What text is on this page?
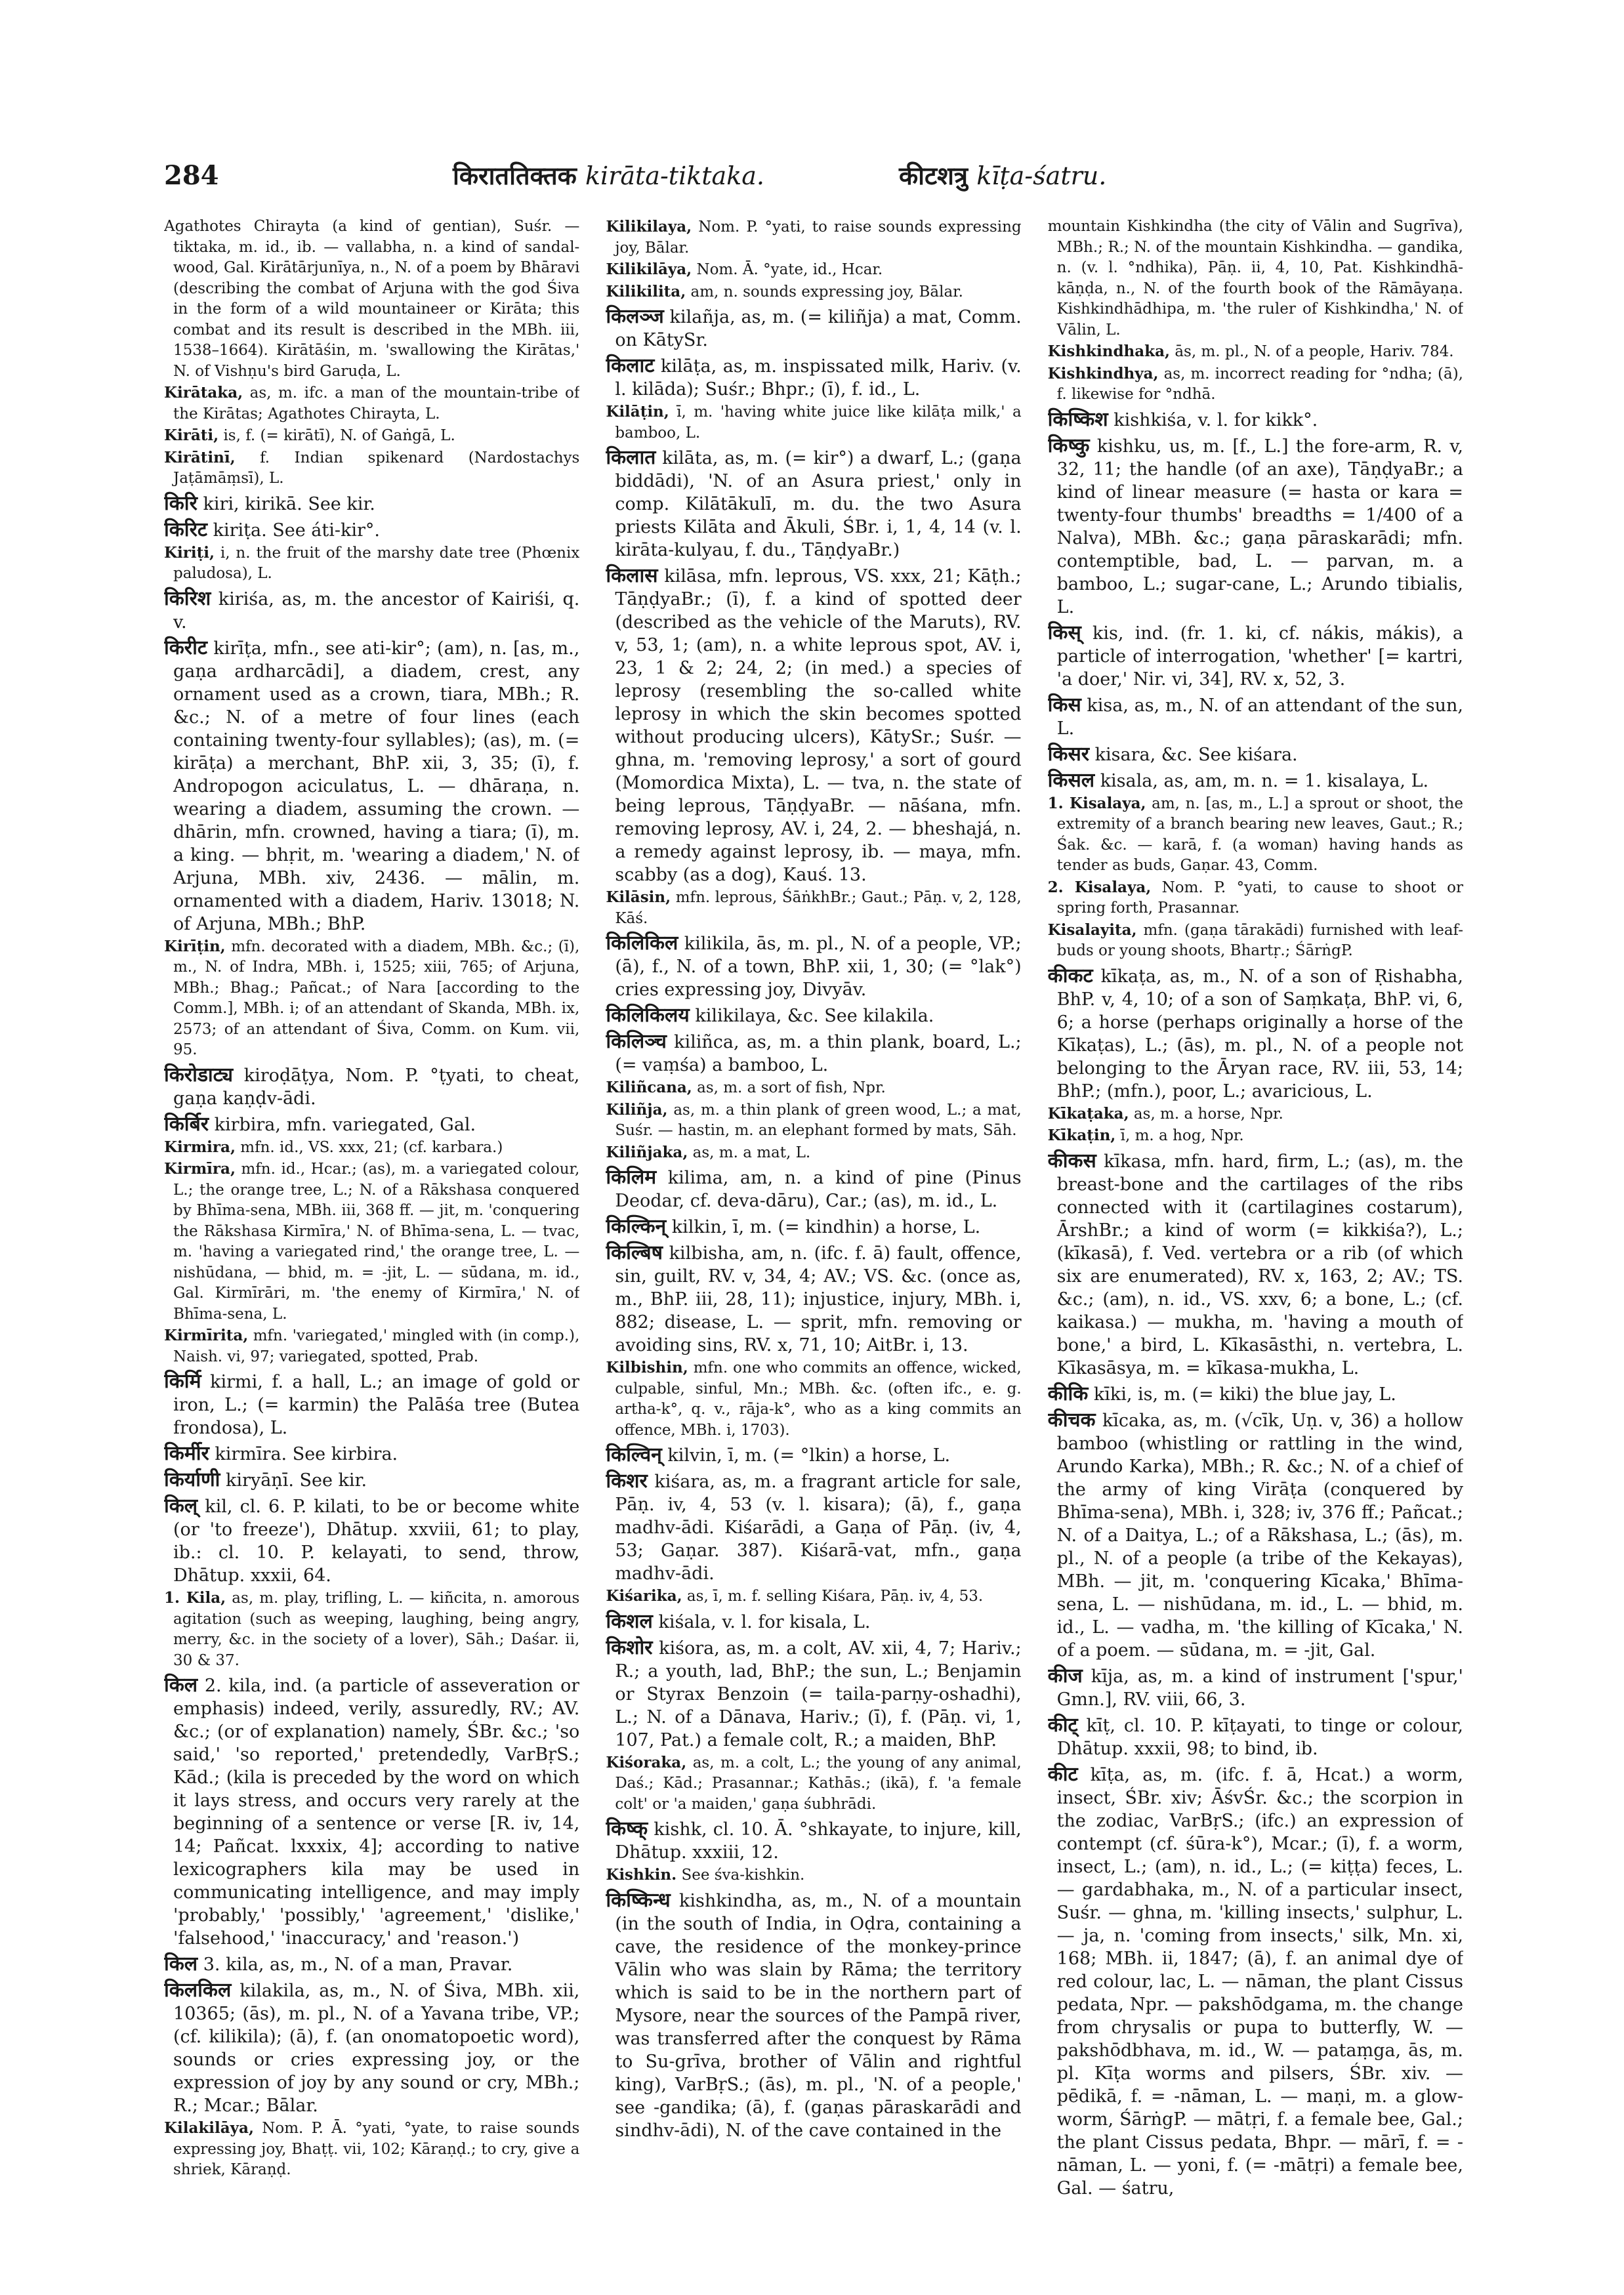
284	किराततिक्तक kirāta-tiktaka.	कीटशत्रु kīṭa-śatru.

Agathotes Chirayta (a kind of gentian), Suśr. — tiktaka, m. id., ib. — vallabha, n. a kind of sandal-wood, Gal. Kirātārjunīya, n., N. of a poem by Bhāravi (describing the combat of Arjuna with the god Śiva in the form of a wild mountaineer or Kirāta; this combat and its result is described in the MBh. iii, 1538–1664). Kirātāśin, m. 'swallowing the Kirātas,' N. of Vishṇu's bird Garuḍa, L.

Kirātaka, as, m. ifc. a man of the mountain-tribe of the Kirātas; Agathotes Chirayta, L.

Kirāti, is, f. (= kirātī), N. of Gaṅgā, L.

Kirātinī, f. Indian spikenard (Nardostachys Jaṭāmāṃsī), L.

किरि kiri, kirikā. See kir.

किरिट kiriṭa. See áti-kir°.

Kiriṭi, i, n. the fruit of the marshy date tree (Phœnix paludosa), L.

किरिश kiriśa, as, m. the ancestor of Kairiśi, q. v.

किरीट kirīṭa, mfn., see ati-kir°; (am), n. [as, m., gaṇa ardharcādi], a diadem, crest, any ornament used as a crown, tiara, MBh.; R. &c.; N. of a metre of four lines (each containing twenty-four syllables); (as), m. (= kirāṭa) a merchant, BhP. xii, 3, 35; (ī), f. Andropogon aciculatus, L. — dhāraṇa, n. wearing a diadem, assuming the crown. — dhārin, mfn. crowned, having a tiara; (ī), m. a king. — bhṛit, m. 'wearing a diadem,' N. of Arjuna, MBh. xiv, 2436. — mālin, m. ornamented with a diadem, Hariv. 13018; N. of Arjuna, MBh.; BhP.

Kirīṭin, mfn. decorated with a diadem, MBh. &c.; (ī), m., N. of Indra, MBh. i, 1525; xiii, 765; of Arjuna, MBh.; Bhag.; Pañcat.; of Nara [according to the Comm.], MBh. i; of an attendant of Skanda, MBh. ix, 2573; of an attendant of Śiva, Comm. on Kum. vii, 95.

किरोडाट्य kiroḍāṭya, Nom. P. °ṭyati, to cheat, gaṇa kaṇḍv-ādi.

किर्बिर kirbira, mfn. variegated, Gal.

Kirmira, mfn. id., VS. xxx, 21; (cf. karbara.)

Kirmīra, mfn. id., Hcar.; (as), m. a variegated colour, L.; the orange tree, L.; N. of a Rākshasa conquered by Bhīma-sena, MBh. iii, 368 ff. — jit, m. 'conquering the Rākshasa Kirmīra,' N. of Bhīma-sena, L. — tvac, m. 'having a variegated rind,' the orange tree, L. — nishūdana, — bhid, m. = -jit, L. — sūdana, m. id., Gal. Kirmīrāri, m. 'the enemy of Kirmīra,' N. of Bhīma-sena, L.

Kirmīrita, mfn. 'variegated,' mingled with (in comp.), Naish. vi, 97; variegated, spotted, Prab.

किर्मि kirmi, f. a hall, L.; an image of gold or iron, L.; (= karmin) the Palāśa tree (Butea frondosa), L.

किर्मीर kirmīra. See kirbira.

किर्याणी kiryāṇī. See kir.

किल् kil, cl. 6. P. kilati, to be or become white (or 'to freeze'), Dhātup. xxviii, 61; to play, ib.: cl. 10. P. kelayati, to send, throw, Dhātup. xxxii, 64.

1. Kila, as, m. play, trifling, L. — kiñcita, n. amorous agitation (such as weeping, laughing, being angry, merry, &c. in the society of a lover), Sāh.; Daśar. ii, 30 & 37.

किल 2. kila, ind. (a particle of asseveration or emphasis) indeed, verily, assuredly, RV.; AV. &c.; (or of explanation) namely, ŚBr. &c.; 'so said,' 'so reported,' pretendedly, VarBṛS.; Kād.; (kila is preceded by the word on which it lays stress, and occurs very rarely at the beginning of a sentence or verse [R. iv, 14, 14; Pañcat. lxxxix, 4]; according to native lexicographers kila may be used in communicating intelligence, and may imply 'probably,' 'possibly,' 'agreement,' 'dislike,' 'falsehood,' 'inaccuracy,' and 'reason.')

किल 3. kila, as, m., N. of a man, Pravar.

किलकिल kilakila, as, m., N. of Śiva, MBh. xii, 10365; (ās), m. pl., N. of a Yavana tribe, VP.; (cf. kilikila); (ā), f. (an onomatopoetic word), sounds or cries expressing joy, or the expression of joy by any sound or cry, MBh.; R.; Mcar.; Bālar.

Kilakilāya, Nom. P. Ā. °yati, °yate, to raise sounds expressing joy, Bhaṭṭ. vii, 102; Kāraṇḍ.; to cry, give a shriek, Kāraṇḍ.

Kilikilaya, Nom. P. °yati, to raise sounds expressing joy, Bālar.

Kilikilāya, Nom. Ā. °yate, id., Hcar.

Kilikilita, am, n. sounds expressing joy, Bālar.

किलञ्ज kilañja, as, m. (= kiliñja) a mat, Comm. on KātySr.

किलाट kilāṭa, as, m. inspissated milk, Hariv. (v. l. kilāda); Suśr.; Bhpr.; (ī), f. id., L.

Kilāṭin, ī, m. 'having white juice like kilāṭa milk,' a bamboo, L.

किलात kilāta, as, m. (= kir°) a dwarf, L.; (gaṇa biddādi), 'N. of an Asura priest,' only in comp. Kilātākulī, m. du. the two Asura priests Kilāta and Ākuli, ŚBr. i, 1, 4, 14 (v. l. kirāta-kulyau, f. du., TāṇḍyaBr.)

किलास kilāsa, mfn. leprous, VS. xxx, 21; Kāṭh.; TāṇḍyaBr.; (ī), f. a kind of spotted deer (described as the vehicle of the Maruts), RV. v, 53, 1; (am), n. a white leprous spot, AV. i, 23, 1 & 2; 24, 2; (in med.) a species of leprosy (resembling the so-called white leprosy in which the skin becomes spotted without producing ulcers), KātySr.; Suśr. — ghna, m. 'removing leprosy,' a sort of gourd (Momordica Mixta), L. — tva, n. the state of being leprous, TāṇḍyaBr. — nāśana, mfn. removing leprosy, AV. i, 24, 2. — bheshajá, n. a remedy against leprosy, ib. — maya, mfn. scabby (as a dog), Kauś. 13.

Kilāsin, mfn. leprous, ŚāṅkhBr.; Gaut.; Pāṇ. v, 2, 128, Kāś.

किलिकिल kilikila, ās, m. pl., N. of a people, VP.; (ā), f., N. of a town, BhP. xii, 1, 30; (= °lak°) cries expressing joy, Divyāv.

किलिकिलय kilikilaya, &c. See kilakila.

किलिञ्च kiliñca, as, m. a thin plank, board, L.; (= vaṃśa) a bamboo, L.

Kiliñcana, as, m. a sort of fish, Npr.

Kiliñja, as, m. a thin plank of green wood, L.; a mat, Suśr. — hastin, m. an elephant formed by mats, Sāh.

Kiliñjaka, as, m. a mat, L.

किलिम kilima, am, n. a kind of pine (Pinus Deodar, cf. deva-dāru), Car.; (as), m. id., L.

किल्किन् kilkin, ī, m. (= kindhin) a horse, L.

किल्बिष kilbisha, am, n. (ifc. f. ā) fault, offence, sin, guilt, RV. v, 34, 4; AV.; VS. &c. (once as, m., BhP. iii, 28, 11); injustice, injury, MBh. i, 882; disease, L. — sprit, mfn. removing or avoiding sins, RV. x, 71, 10; AitBr. i, 13.

Kilbishin, mfn. one who commits an offence, wicked, culpable, sinful, Mn.; MBh. &c. (often ifc., e. g. artha-k°, q. v., rāja-k°, who as a king commits an offence, MBh. i, 1703).

किल्विन् kilvin, ī, m. (= °lkin) a horse, L.

किशर kiśara, as, m. a fragrant article for sale, Pāṇ. iv, 4, 53 (v. l. kisara); (ā), f., gaṇa madhv-ādi. Kiśarādi, a Gaṇa of Pāṇ. (iv, 4, 53; Gaṇar. 387). Kiśarā-vat, mfn., gaṇa madhv-ādi.

Kiśarika, as, ī, m. f. selling Kiśara, Pāṇ. iv, 4, 53.

किशल kiśala, v. l. for kisala, L.

किशोर kiśora, as, m. a colt, AV. xii, 4, 7; Hariv.; R.; a youth, lad, BhP.; the sun, L.; Benjamin or Styrax Benzoin (= taila-parṇy-oshadhi), L.; N. of a Dānava, Hariv.; (ī), f. (Pāṇ. vi, 1, 107, Pat.) a female colt, R.; a maiden, BhP.

Kiśoraka, as, m. a colt, L.; the young of any animal, Daś.; Kād.; Prasannar.; Kathās.; (ikā), f. 'a female colt' or 'a maiden,' gaṇa śubhrādi.

किष्क् kishk, cl. 10. Ā. °shkayate, to injure, kill, Dhātup. xxxiii, 12.

Kishkin. See śva-kishkin.

किष्किन्ध kishkindha, as, m., N. of a mountain (in the south of India, in Oḍra, containing a cave, the residence of the monkey-prince Vālin who was slain by Rāma; the territory which is said to be in the northern part of Mysore, near the sources of the Pampā river, was transferred after the conquest by Rāma to Su-grīva, brother of Vālin and rightful king), VarBṛS.; (ās), m. pl., 'N. of a people,' see -gandika; (ā), f. (gaṇas pāraskarādi and sindhv-ādi), N. of the cave contained in the

mountain Kishkindha (the city of Vālin and Sugrīva), MBh.; R.; N. of the mountain Kishkindha. — gandika, n. (v. l. °ndhika), Pāṇ. ii, 4, 10, Pat. Kishkindhā-kāṇḍa, n., N. of the fourth book of the Rāmāyaṇa. Kishkindhādhipa, m. 'the ruler of Kishkindha,' N. of Vālin, L.

Kishkindhaka, ās, m. pl., N. of a people, Hariv. 784.

Kishkindhya, as, m. incorrect reading for °ndha; (ā), f. likewise for °ndhā.

किष्किश kishkiśa, v. l. for kikk°.

किष्कु kishku, us, m. [f., L.] the fore-arm, R. v, 32, 11; the handle (of an axe), TāṇḍyaBr.; a kind of linear measure (= hasta or kara = twenty-four thumbs' breadths = 1/400 of a Nalva), MBh. &c.; gaṇa pāraskarādi; mfn. contemptible, bad, L. — parvan, m. a bamboo, L.; sugar-cane, L.; Arundo tibialis, L.

किस् kis, ind. (fr. 1. ki, cf. nákis, mákis), a particle of interrogation, 'whether' [= kartri, 'a doer,' Nir. vi, 34], RV. x, 52, 3.

किस kisa, as, m., N. of an attendant of the sun, L.

किसर kisara, &c. See kiśara.

किसल kisala, as, am, m. n. = 1. kisalaya, L.

1. Kisalaya, am, n. [as, m., L.] a sprout or shoot, the extremity of a branch bearing new leaves, Gaut.; R.; Śak. &c. — karā, f. (a woman) having hands as tender as buds, Gaṇar. 43, Comm.

2. Kisalaya, Nom. P. °yati, to cause to shoot or spring forth, Prasannar.

Kisalayita, mfn. (gaṇa tārakādi) furnished with leaf-buds or young shoots, Bhartṛ.; ŚārṅgP.

कीकट kīkaṭa, as, m., N. of a son of Ṛishabha, BhP. v, 4, 10; of a son of Saṃkaṭa, BhP. vi, 6, 6; a horse (perhaps originally a horse of the Kīkaṭas), L.; (ās), m. pl., N. of a people not belonging to the Āryan race, RV. iii, 53, 14; BhP.; (mfn.), poor, L.; avaricious, L.

Kīkaṭaka, as, m. a horse, Npr.

Kīkaṭin, ī, m. a hog, Npr.

कीकस kīkasa, mfn. hard, firm, L.; (as), m. the breast-bone and the cartilages of the ribs connected with it (cartilagines costarum), ĀrshBr.; a kind of worm (= kikkiśa?), L.; (kīkasā), f. Ved. vertebra or a rib (of which six are enumerated), RV. x, 163, 2; AV.; TS. &c.; (am), n. id., VS. xxv, 6; a bone, L.; (cf. kaikasa.) — mukha, m. 'having a mouth of bone,' a bird, L. Kīkasāsthi, n. vertebra, L. Kīkasāsya, m. = kīkasa-mukha, L.

कीकि kīki, is, m. (= kiki) the blue jay, L.

कीचक kīcaka, as, m. (√cīk, Uṇ. v, 36) a hollow bamboo (whistling or rattling in the wind, Arundo Karka), MBh.; R. &c.; N. of a chief of the army of king Virāṭa (conquered by Bhīma-sena), MBh. i, 328; iv, 376 ff.; Pañcat.; N. of a Daitya, L.; of a Rākshasa, L.; (ās), m. pl., N. of a people (a tribe of the Kekayas), MBh. — jit, m. 'conquering Kīcaka,' Bhīma-sena, L. — nishūdana, m. id., L. — bhid, m. id., L. — vadha, m. 'the killing of Kīcaka,' N. of a poem. — sūdana, m. = -jit, Gal.

कीज kīja, as, m. a kind of instrument ['spur,' Gmn.], RV. viii, 66, 3.

कीट् kīṭ, cl. 10. P. kīṭayati, to tinge or colour, Dhātup. xxxii, 98; to bind, ib.

कीट kīṭa, as, m. (ifc. f. ā, Hcat.) a worm, insect, ŚBr. xiv; ĀśvŚr. &c.; the scorpion in the zodiac, VarBṛS.; (ifc.) an expression of contempt (cf. śūra-k°), Mcar.; (ī), f. a worm, insect, L.; (am), n. id., L.; (= kiṭṭa) feces, L. — gardabhaka, m., N. of a particular insect, Suśr. — ghna, m. 'killing insects,' sulphur, L. — ja, n. 'coming from insects,' silk, Mn. xi, 168; MBh. ii, 1847; (ā), f. an animal dye of red colour, lac, L. — nāman, the plant Cissus pedata, Npr. — pakshōdgama, m. the change from chrysalis or pupa to butterfly, W. — pakshōdbhava, m. id., W. — pataṃga, ās, m. pl. Kīṭa worms and pilsers, ŚBr. xiv. — pēdikā, f. = -nāman, L. — maṇi, m. a glow-worm, ŚārṅgP. — mātṛi, f. a female bee, Gal.; the plant Cissus pedata, Bhpr. — mārī, f. = -nāman, L. — yoni, f. (= -mātṛi) a female bee, Gal. — śatru,
